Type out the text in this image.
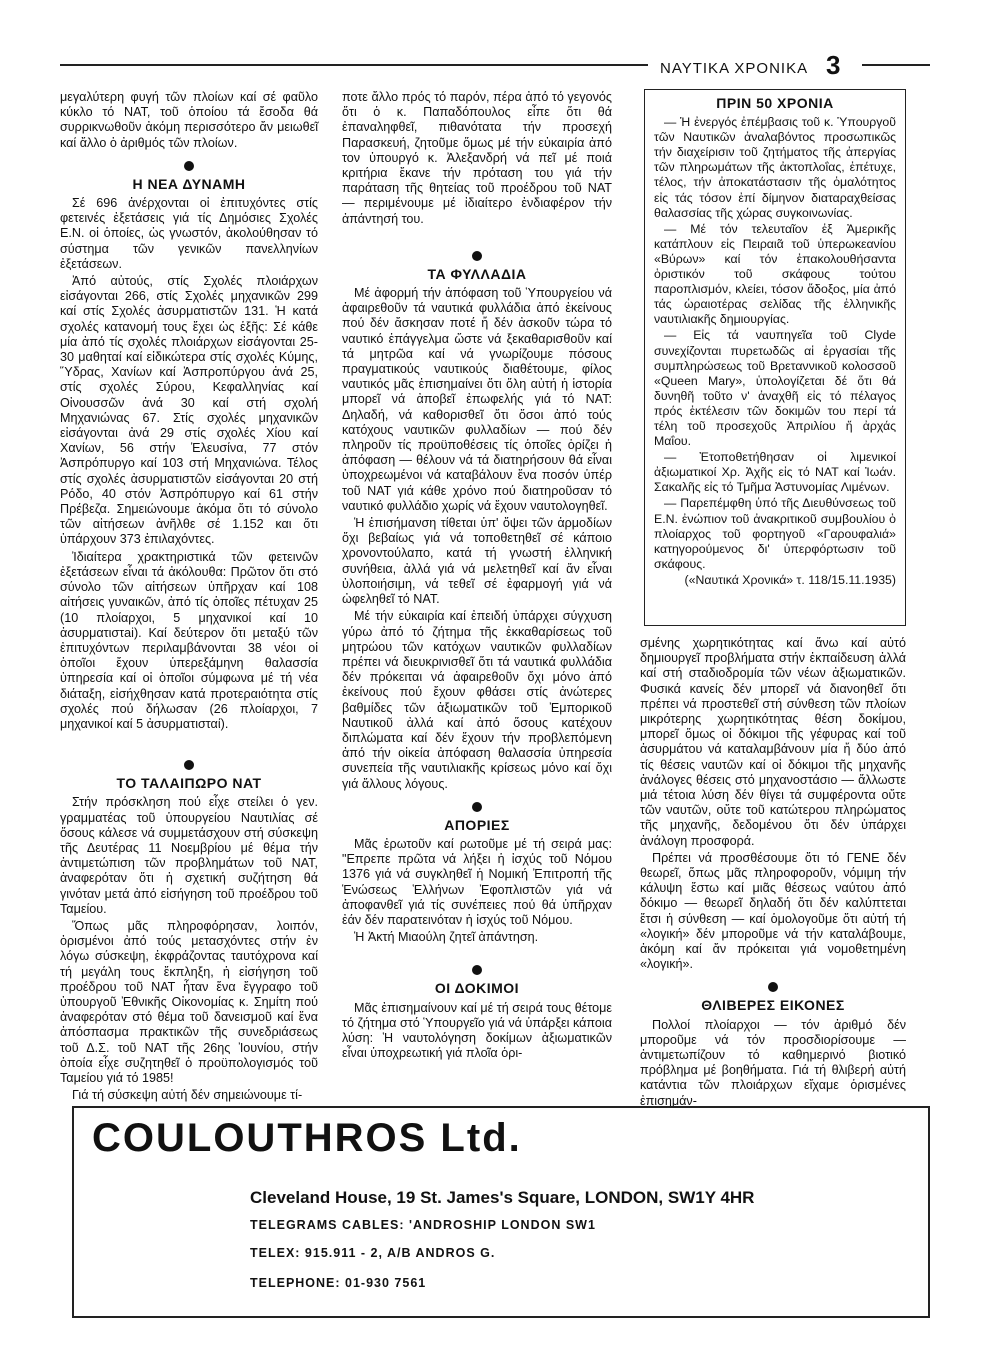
ΝΑΥΤΙΚΑ ΧΡΟΝΙΚΑ 3

μεγαλύτερη φυγή τῶν πλοίων καί σέ φαῦλο κύκλο τό ΝΑΤ, τοῦ ὁποίου τά ἔσοδα θά συρρικνωθοῦν ἀκόμη περισσότερο ἄν μειωθεῖ καί ἄλλο ὁ ἀριθμός τῶν πλοίων.

Η ΝΕΑ ΔΥΝΑΜΗ

Σέ 696 ἀνέρχονται οἱ ἐπιτυχόντες στίς φετεινές ἐξετάσεις γιά τίς Δημόσιες Σχολές Ε.Ν. οἱ ὁποίες, ὡς γνωστόν, ἀκολούθησαν τό σύστημα τῶν γενικῶν πανελληνίων ἐξετάσεων.

Ἀπό αὐτούς, στίς Σχολές πλοιάρχων εἰσάγονται 266, στίς Σχολές μηχανικῶν 299 καί στίς Σχολές ἀσυρματιστῶν 131. Ἡ κατά σχολές κατανομή τους ἔχει ὡς ἑξῆς: Σέ κάθε μία ἀπό τίς σχολές πλοιάρχων εἰσάγονται 25-30 μαθηταί καί εἰδικώτερα στίς σχολές Κύμης, Ὕδρας, Χανίων καί Ἀσπροπύργου ἀνά 25, στίς σχολές Σύρου, Κεφαλληνίας καί Οἰνουσσῶν ἀνά 30 καί στή σχολή Μηχανιώνας 67. Στίς σχολές μηχανικῶν εἰσάγονται ἀνά 29 στίς σχολές Χίου καί Χανίων, 56 στήν Ἐλευσίνα, 77 στόν Ἀσπρόπυργο καί 103 στή Μηχανιώνα. Τέλος στίς σχολές ἀσυρματιστῶν εἰσάγονται 20 στή Ρόδο, 40 στόν Ἀσπρόπυργο καί 61 στήν Πρέβεζα. Σημειώνουμε ἀκόμα ὅτι τό σύνολο τῶν αἰτήσεων ἀνῆλθε σέ 1.152 και ὅτι ὑπάρχουν 373 ἐπιλαχόντες.

Ἰδιαίτερα χρακτηριστικά τῶν φετεινῶν ἐξετάσεων εἶναι τά ἀκόλουθα: Πρῶτον ὅτι στό σύνολο τῶν αἰτήσεων ὑπῆρχαν καί 108 αἰτήσεις γυναικῶν, ἀπό τίς ὁποῖες πέτυχαν 25 (10 πλοίαρχοι, 5 μηχανικοί καί 10 ἀσυρματιστai). Καί δεύτερον ὅτι μεταξύ τῶν ἐπιτυχόντων περιλαμβάνονται 38 νέοι οἱ ὁποῖοι ἔχουν ὑπερεξάμηνη θαλασσία ὑπηρεσία καί οἱ ὁποῖοι σύμφωνα μέ τή νέα διάταξη, εἰσήχθησαν κατά προτεραιότητα στίς σχολές πού δήλωσαν (26 πλοίαρχοι, 7 μηχανικοί καί 5 ἀσυρματισταί).

ΤΟ ΤΑΛΑΙΠΩΡΟ ΝΑΤ

Στήν πρόσκληση πού εἶχε στείλει ὁ γεν. γραμματέας τοῦ ὑπουργείου Ναυτιλίας σέ ὅσους κάλεσε νά συμμετάσχουν στή σύσκεψη τῆς Δευτέρας 11 Νοεμβρίου μέ θέμα τήν ἀντιμετώπιση τῶν προβλημάτων τοῦ ΝΑΤ, ἀναφερόταν ὅτι ἡ σχετική συζήτηση θά γινόταν μετά ἀπό εἰσήγηση τοῦ προέδρου τοῦ Ταμείου.

Ὅπως μᾶς πληροφόρησαν, λοιπόν, ὁρισμένοι ἀπό τούς μετασχόντες στήν ἐν λόγω σύσκεψη, ἐκφράζοντας ταυτόχρονα καί τή μεγάλη τους ἔκπληξη, ἡ εἰσήγηση τοῦ προέδρου τοῦ ΝΑΤ ἦταν ἕνα ἔγγραφο τοῦ ὑπουργοῦ Ἐθνικῆς Οἰκονομίας κ. Σημίτη πού ἀναφερόταν στό θέμα τοῦ δανεισμοῦ καί ἕνα ἀπόσπασμα πρακτικῶν τῆς συνεδριάσεως τοῦ Δ.Σ. τοῦ ΝΑΤ τῆς 26ης Ἰουνίου, στήν ὁποία εἶχε συζητηθεῖ ὁ προϋπολογισμός τοῦ Ταμείου γιά τό 1985!

Γιά τή σύσκεψη αὐτή δέν σημειώνουμε τί-

ποτε ἄλλο πρός τό παρόν, πέρα ἀπό τό γεγονός ὅτι ὁ κ. Παπαδόπουλος εἶπε ὅτι θά ἐπαναληφθεῖ, πιθανότατα τήν προσεχή Παρασκευή, ζητοῦμε ὅμως μέ τήν εὐκαιρία ἀπό τον ὑπουργό κ. Ἀλεξανδρή νά πεῖ μέ ποιά κριτήρια ἔκανε τήν πρόταση του γιά τήν παράταση τῆς θητείας τοῦ προέδρου τοῦ ΝΑΤ — περιμένουμε μέ ἰδιαίτερο ἐνδιαφέρον τήν ἀπάντησή του.

ΤΑ ΦΥΛΛΑΔΙΑ

Μέ ἀφορμή τήν ἀπόφαση τοῦ Ὑπουργείου νά ἀφαιρεθοῦν τά ναυτικά φυλλάδια ἀπό ἐκείνους πού δέν ἄσκησαν ποτέ ἤ δέν ἀσκοῦν τώρα τό ναυτικό ἐπάγγελμα ὥστε νά ξεκαθαρισθοῦν καί τά μητρῶα καί νά γνωρίζουμε πόσους πραγματικούς ναυτικούς διαθέτουμε, φίλος ναυτικός μᾶς ἐπισημαίνει ὅτι ὅλη αὐτή ἡ ἱστορία μπορεῖ νά ἀποβεῖ ἐπωφελής γιά τό ΝΑΤ: Δηλαδή, νά καθορισθεῖ ὅτι ὅσοι ἀπό τούς κατόχους ναυτικῶν φυλλαδίων — πού δέν πληροῦν τίς προϋποθέσεις τίς ὁποῖες ὁρίζει ἡ ἀπόφαση — θέλουν νά τά διατηρήσουν θά εἶναι ὑποχρεωμένοι νά καταβάλουν ἕνα ποσόν ὑπέρ τοῦ ΝΑΤ γιά κάθε χρόνο πού διατηροῦσαν τό ναυτικό φυλλάδιο χωρίς νά ἔχουν ναυτολογηθεῖ.

Ἡ ἐπισήμανση τίθεται ὑπ' ὄψει τῶν ἁρμοδίων ὄχι βεβαίως γιά νά τοποθετηθεῖ σέ κάποιο χρονοντούλαπο, κατά τή γνωστή ἑλληνική συνήθεια, ἀλλά γιά νά μελετηθεῖ καί ἄν εἶναι ὑλοποιήσιμη, νά τεθεῖ σέ ἐφαρμογή γιά νά ὠφεληθεῖ τό ΝΑΤ.

Μέ τήν εὐκαιρία καί ἐπειδή ὑπάρχει σύγχυση γύρω ἀπό τό ζήτημα τῆς ἐκκαθαρίσεως τοῦ μητρώου τῶν κατόχων ναυτικῶν φυλλαδίων πρέπει νά διευκρινισθεῖ ὅτι τά ναυτικά φυλλάδια δέν πρόκειται νά ἀφαιρεθοῦν ὄχι μόνο ἀπό ἐκείνους πού ἔχουν φθάσει στίς ἀνώτερες βαθμίδες τῶν ἀξιωματικῶν τοῦ Ἐμπορικοῦ Ναυτικοῦ ἀλλά καί ἀπό ὅσους κατέχουν διπλώματα καί δέν ἔχουν τήν προβλεπόμενη ἀπό τήν οἰκεία ἀπόφαση θαλασσία ὑπηρεσία συνεπεία τῆς ναυτιλιακῆς κρίσεως μόνο καί ὄχι γιά ἄλλους λόγους.

ΑΠΟΡΙΕΣ

Μᾶς ἐρωτοῦν καί ρωτοῦμε μέ τή σειρά μας: "Επρεπε πρῶτα νά λήξει ἡ ἰσχύς τοῦ Νόμου 1376 γιά νά συγκληθεῖ ἡ Νομική Ἐπιτροπή τῆς Ἑνώσεως Ἑλλήνων Ἐφοπλιστῶν γιά νά ἀποφανθεῖ γιά τίς συνέπειες πού θά ὑπῆρχαν ἐάν δέν παρατεινόταν ἡ ἰσχύς τοῦ Νόμου.

Ἡ Ἀκτή Μιαούλη ζητεῖ ἀπάντηση.

ΟΙ ΔΟΚΙΜΟΙ

Μᾶς ἐπισημαίνουν καί μέ τή σειρά τους θέτομε τό ζήτημα στό Ὑπουργεῖο γιά νά ὑπάρξει κάποια λύση: Ἡ ναυτολόγηση δοκίμων ἀξιωματικῶν εἶναι ὑποχρεωτική γιά πλοῖα ὁρι-

ΠΡΙΝ 50 ΧΡΟΝΙΑ

— Ἡ ἐνεργός ἐπέμβασις τοῦ κ. Ὑπουργοῦ τῶν Ναυτικῶν ἀναλαβόντος προσωπικῶς τήν διαχείρισιν τοῦ ζητήματος τῆς ἀπεργίας τῶν πληρωμάτων τῆς ἀκτοπλοΐας, ἐπέτυχε, τέλος, τήν ἀποκατάστασιν τῆς ὁμαλότητος εἰς τάς τόσον ἐπί δίμηνον διαταραχθείσας θαλασσίας τῆς χώρας συγκοινωνίας.

— Μέ τόν τελευταῖον ἐξ Ἀμερικῆς κατάπλουν εἰς Πειραιᾶ τοῦ ὑπερωκεανίου «Βύρων» καί τόν ἐπακολουθήσαντα ὁριστικόν τοῦ σκάφους τούτου παροπλισμόν, κλείει, τόσον ἄδοξος, μία ἀπό τάς ὡραιοτέρας σελίδας τῆς ἑλληνικῆς ναυτιλιακῆς δημιουργίας.

— Εἰς τά ναυπηγεῖα τοῦ Clyde συνεχίζονται πυρετωδῶς αἱ ἐργασίαι τῆς συμπληρώσεως τοῦ Βρεταννικοῦ κολοσσοῦ «Queen Mary», ὑπολογίζεται δέ ὅτι θά δυνηθῆ τοῦτο ν' ἀναχθῆ εἰς τό πέλαγος πρός ἐκτέλεσιν τῶν δοκιμῶν του περί τά τέλη τοῦ προσεχοῦς Ἀπριλίου ἤ ἀρχάς Μαΐου.

— Ἐτοποθετήθησαν οἱ λιμενικοί ἀξιωματικοί Χρ. Ἀχῆς εἰς τό ΝΑΤ καί Ἰωάν. Σακαλῆς εἰς τό Τμῆμα Ἀστυνομίας Λιμένων.

— Παρεπέμφθη ὑπό τῆς Διευθύνσεως τοῦ Ε.Ν. ἐνώπιον τοῦ ἀνακριτικοῦ συμβουλίου ὁ πλοίαρχος τοῦ φορτηγοῦ «Γαρουφαλιά» κατηγορούμενος δι' ὑπερφόρτωσιν τοῦ σκάφους.

(«Ναυτικά Χρονικά» τ. 118/15.11.1935)

σμένης χωρητικότητας καί ἄνω καί αὐτό δημιουργεῖ προβλήματα στήν ἐκπαίδευση ἀλλά καί στή σταδιοδρομία τῶν νέων ἀξιωματικῶν. Φυσικά κανείς δέν μπορεῖ νά διανοηθεῖ ὅτι πρέπει νά προστεθεῖ στή σύνθεση τῶν πλοίων μικρότερης χωρητικότητας θέση δοκίμου, μπορεῖ ὅμως οἱ δόκιμοι τῆς γέφυρας καί τοῦ ἀσυρμάτου νά καταλαμβάνουν μία ἤ δύο ἀπό τίς θέσεις ναυτῶν καί οἱ δόκιμοι τῆς μηχανῆς ἀνάλογες θέσεις στό μηχανοστάσιο — ἄλλωστε μιά τέτοια λύση δέν θίγει τά συμφέροντα οὔτε τῶν ναυτῶν, οὔτε τοῦ κατώτερου πληρώματος τῆς μηχανῆς, δεδομένου ὅτι δέν ὑπάρχει ἀνάλογη προσφορά.

Πρέπει νά προσθέσουμε ὅτι τό ΓΕΝΕ δέν θεωρεῖ, ὅπως μᾶς πληροφοροῦν, νόμιμη τήν κάλυψη ἔστω καί μιᾶς θέσεως ναύτου ἀπό δόκιμο — θεωρεῖ δηλαδή ὅτι δέν καλύπτεται ἔτσι ἡ σύνθεση — καί ὁμολογοῦμε ὅτι αὐτή τή «λογική» δέν μποροῦμε νά τήν καταλάβουμε, ἀκόμη καί ἄν πρόκειται γιά νομοθετημένη «λογική».

ΘΛΙΒΕΡΕΣ ΕΙΚΟΝΕΣ

Πολλοί πλοίαρχοι — τόν ἀριθμό δέν μποροῦμε νά τόν προσδιορίσουμε — ἀντιμετωπίζουν τό καθημερινό βιοτικό πρόβλημα μέ βοηθήματα. Γιά τή θλιβερή αὐτή κατάντια τῶν πλοιάρχων εἴχαμε ὁρισμένες ἐπισημάν-

COULOUTHROS Ltd.
Cleveland House, 19 St. James's Square, LONDON, SW1Y 4HR
TELEGRAMS CABLES: 'ANDROSHIP LONDON SW1
TELEX: 915.911 - 2, A/B ANDROS G.
TELEPHONE: 01-930 7561
